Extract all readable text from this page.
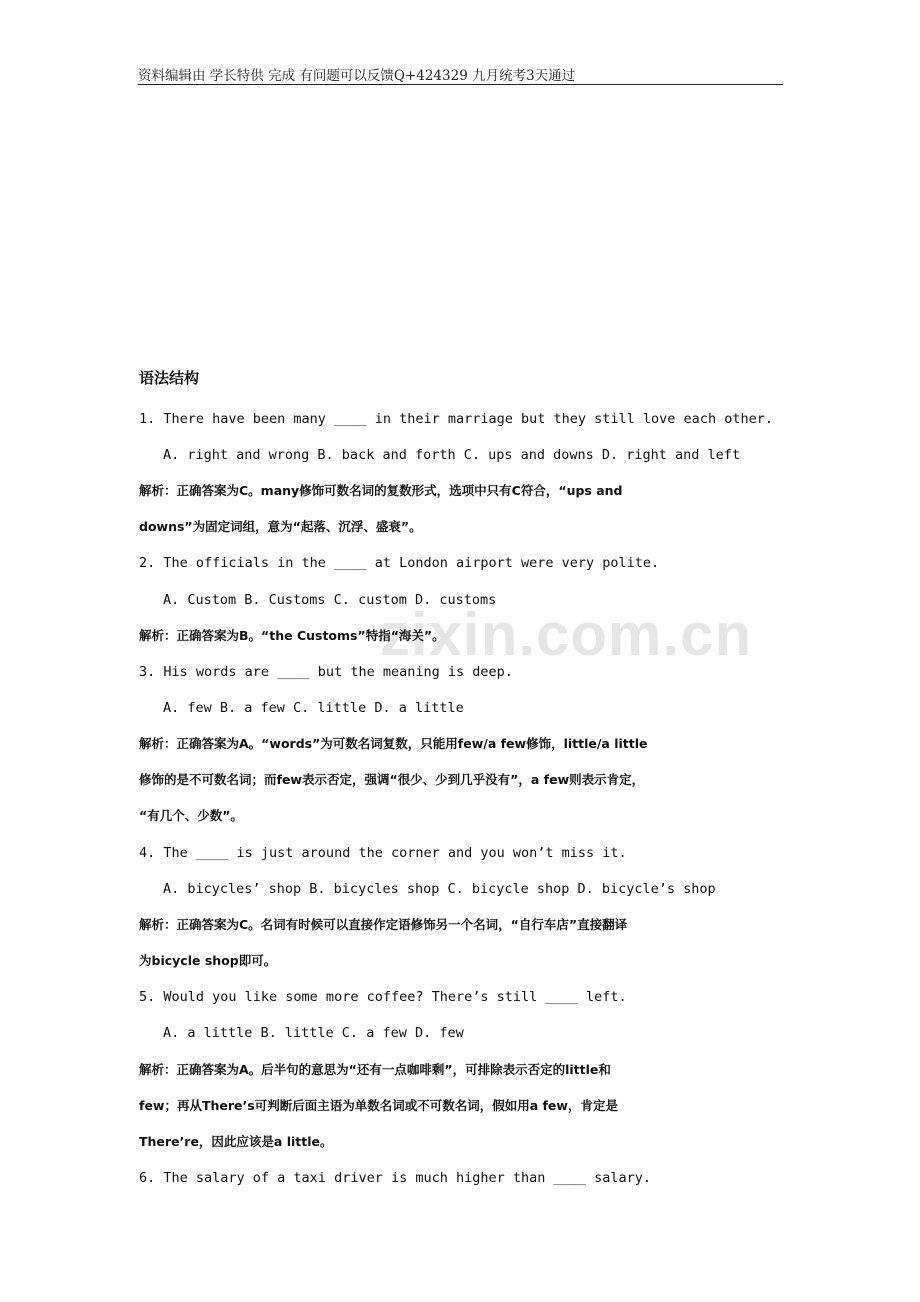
资料编辑由 学长特供 完成 有问题可以反馈Q+424329 九月统考3天通过
zixin.com.cn
语法结构
1. There have been many ____ in their marriage but they still love each other.
A. right and wrong B. back and forth C. ups and downs D. right and left
解析：正确答案为C。many修饰可数名词的复数形式，选项中只有C符合，“ups and
downs”为固定词组，意为“起落、沉浮、盛衰”。
2. The officials in the ____ at London airport were very polite.
A. Custom B. Customs C. custom D. customs
解析：正确答案为B。“the Customs”特指“海关”。
3. His words are ____ but the meaning is deep.
A. few B. a few C. little D. a little
解析：正确答案为A。“words”为可数名词复数，只能用few/a few修饰，little/a little
修饰的是不可数名词；而few表示否定，强调“很少、少到几乎没有”，a few则表示肯定，
“有几个、少数”。
4. The ____ is just around the corner and you won’t miss it.
A. bicycles’ shop B. bicycles shop C. bicycle shop D. bicycle’s shop
解析：正确答案为C。名词有时候可以直接作定语修饰另一个名词，“自行车店”直接翻译
为bicycle shop即可。
5. Would you like some more coffee? There’s still ____ left.
A. a little B. little C. a few D. few
解析：正确答案为A。后半句的意思为“还有一点咖啡剩”，可排除表示否定的little和
few；再从There’s可判断后面主语为单数名词或不可数名词，假如用a few，肯定是
There’re，因此应该是a little。
6. The salary of a taxi driver is much higher than ____ salary.
